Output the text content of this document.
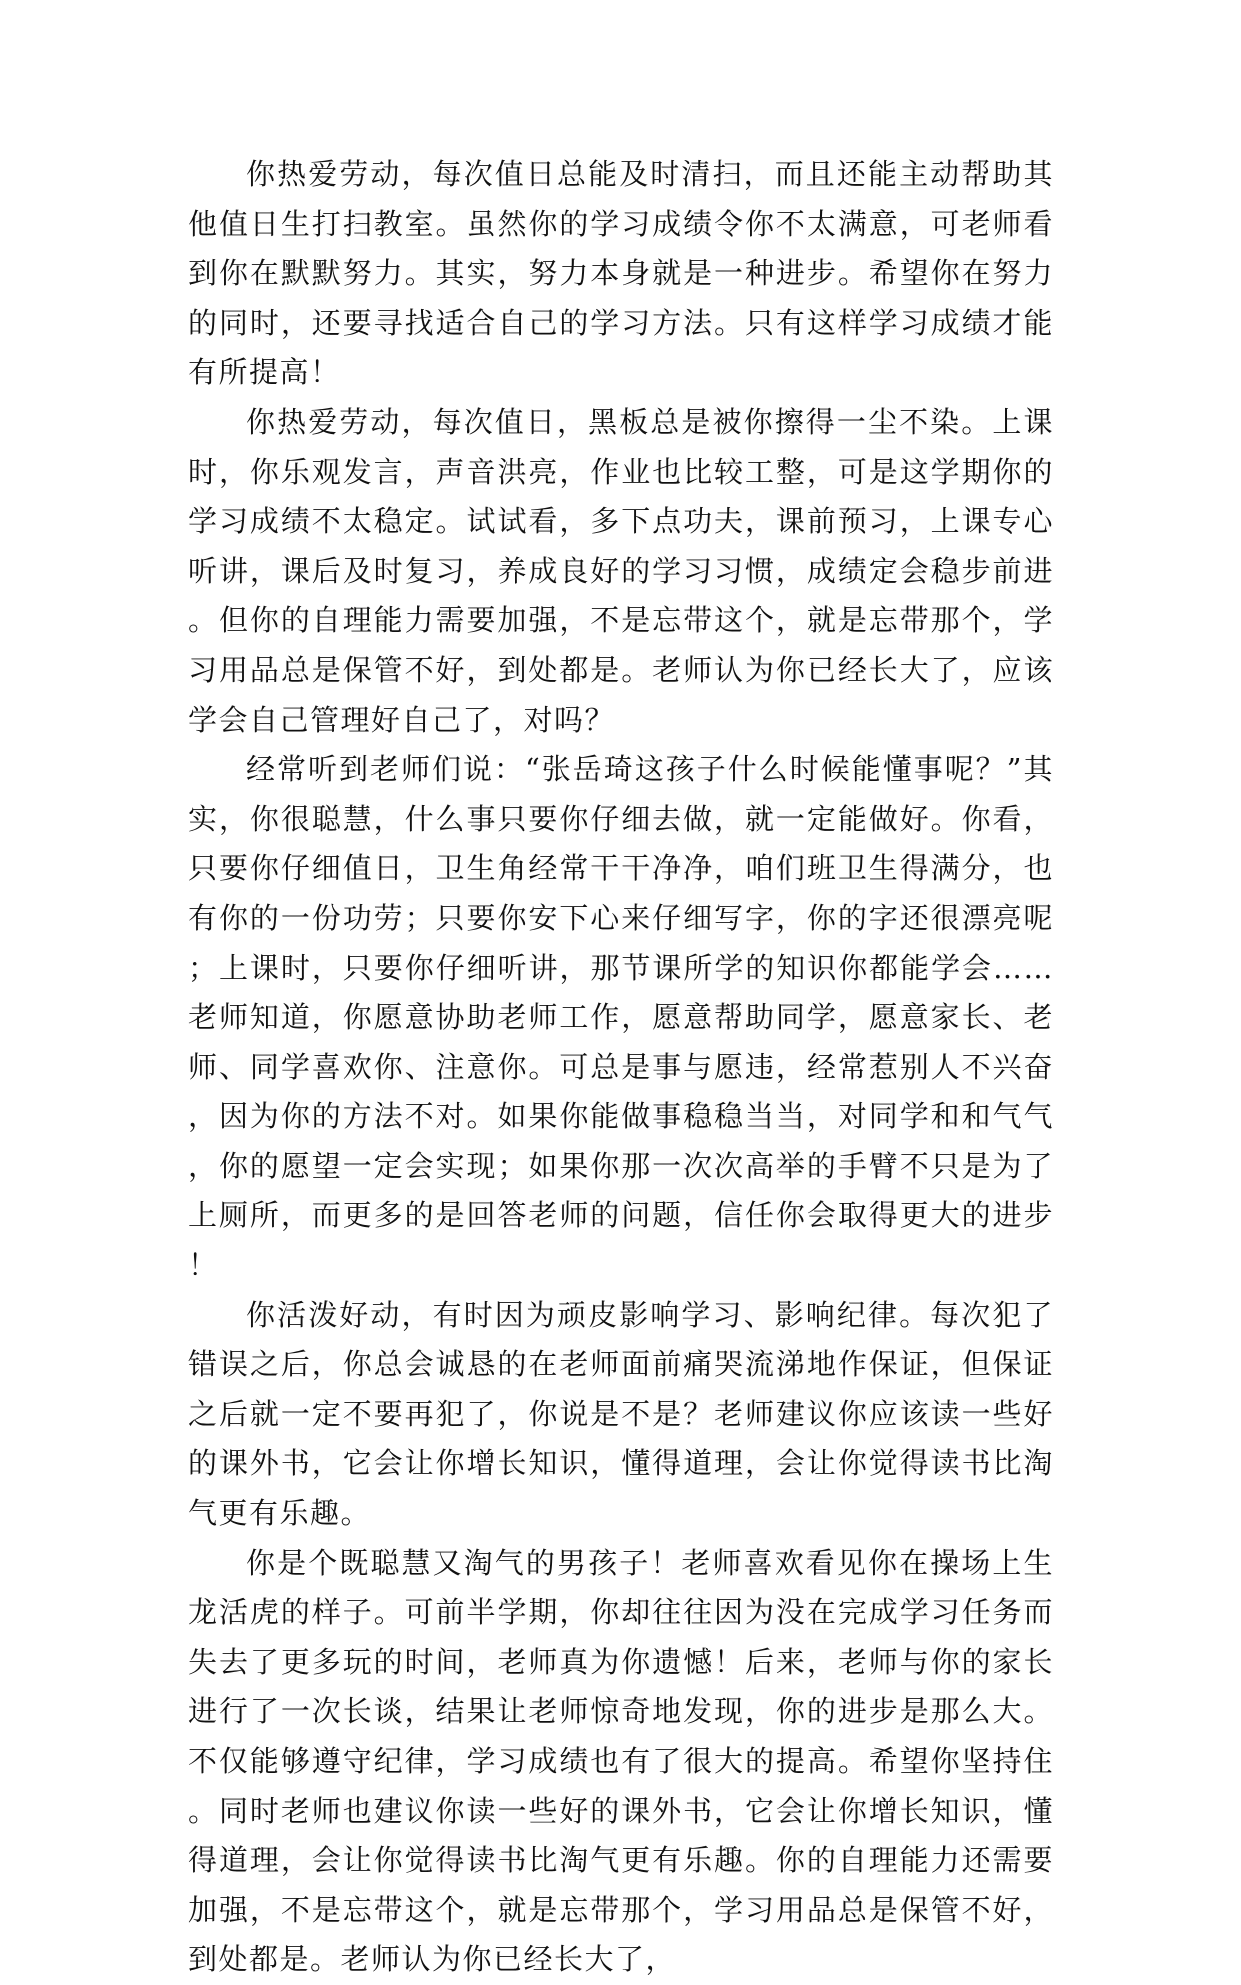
你热爱劳动，每次值日总能及时清扫，而且还能主动帮助其他值日生打扫教室。虽然你的学习成绩令你不太满意，可老师看到你在默默努力。其实，努力本身就是一种进步。希望你在努力的同时，还要寻找适合自己的学习方法。只有这样学习成绩才能有所提高！

你热爱劳动，每次值日，黑板总是被你擦得一尘不染。上课时，你乐观发言，声音洪亮，作业也比较工整，可是这学期你的学习成绩不太稳定。试试看，多下点功夫，课前预习，上课专心听讲，课后及时复习，养成良好的学习习惯，成绩定会稳步前进。但你的自理能力需要加强，不是忘带这个，就是忘带那个，学习用品总是保管不好，到处都是。老师认为你已经长大了，应该学会自己管理好自己了，对吗？

经常听到老师们说：“张岳琦这孩子什么时候能懂事呢？”其实，你很聪慧，什么事只要你仔细去做，就一定能做好。你看，只要你仔细值日，卫生角经常干干净净，咱们班卫生得满分，也有你的一份功劳；只要你安下心来仔细写字，你的字还很漂亮呢；上课时，只要你仔细听讲，那节课所学的知识你都能学会……老师知道，你愿意协助老师工作，愿意帮助同学，愿意家长、老师、同学喜欢你、注意你。可总是事与愿违，经常惹别人不兴奋，因为你的方法不对。如果你能做事稳稳当当，对同学和和气气，你的愿望一定会实现；如果你那一次次高举的手臂不只是为了上厕所，而更多的是回答老师的问题，信任你会取得更大的进步！

你活泼好动，有时因为顽皮影响学习、影响纪律。每次犯了错误之后，你总会诚恳的在老师面前痛哭流涕地作保证，但保证之后就一定不要再犯了，你说是不是？老师建议你应该读一些好的课外书，它会让你增长知识，懂得道理，会让你觉得读书比淘气更有乐趣。

你是个既聪慧又淘气的男孩子！老师喜欢看见你在操场上生龙活虎的样子。可前半学期，你却往往因为没在完成学习任务而失去了更多玩的时间，老师真为你遗憾！后来，老师与你的家长进行了一次长谈，结果让老师惊奇地发现，你的进步是那么大。不仅能够遵守纪律，学习成绩也有了很大的提高。希望你坚持住。同时老师也建议你读一些好的课外书，它会让你增长知识，懂得道理，会让你觉得读书比淘气更有乐趣。你的自理能力还需要加强，不是忘带这个，就是忘带那个，学习用品总是保管不好，到处都是。老师认为你已经长大了，
